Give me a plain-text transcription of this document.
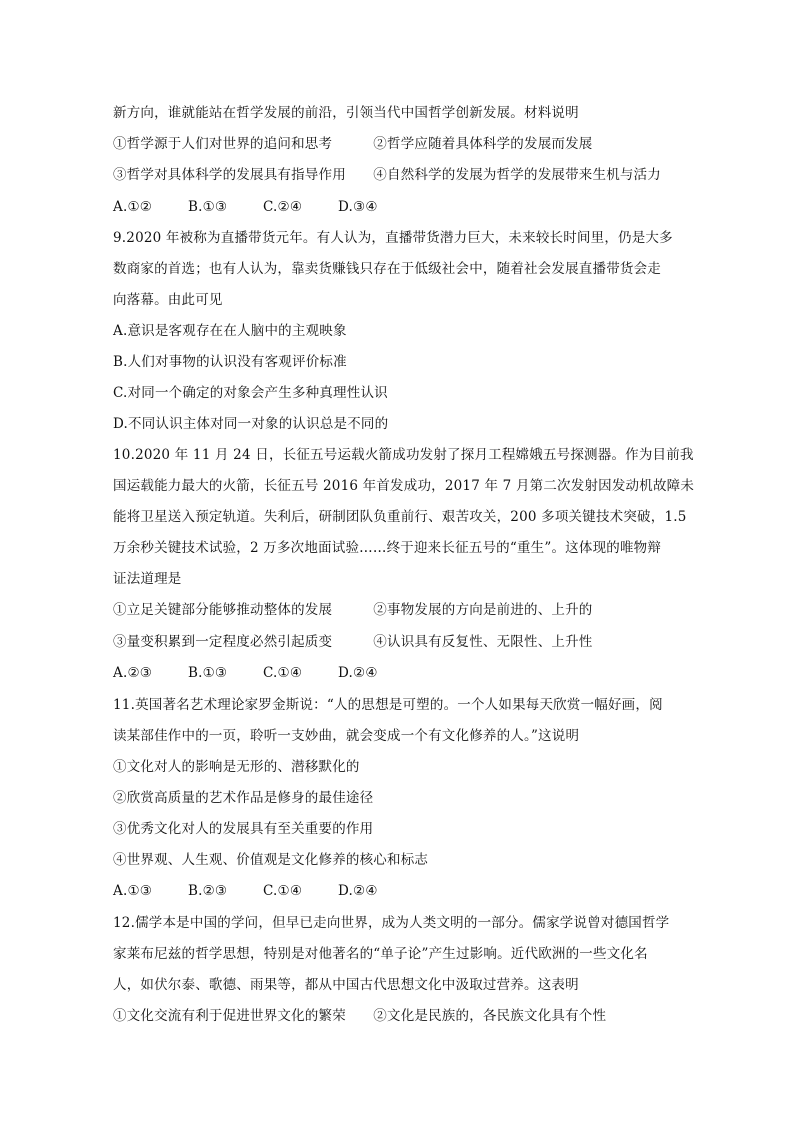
新方向，谁就能站在哲学发展的前沿，引领当代中国哲学创新发展。材料说明
①哲学源于人们对世界的追问和思考　　　②哲学应随着具体科学的发展而发展
③哲学对具体科学的发展具有指导作用　　④自然科学的发展为哲学的发展带来生机与活力
A.①②	B.①③	C.②④	D.③④
9.2020 年被称为直播带货元年。有人认为，直播带货潜力巨大，未来较长时间里，仍是大多
数商家的首选；也有人认为，靠卖货赚钱只存在于低级社会中，随着社会发展直播带货会走
向落幕。由此可见
A.意识是客观存在在人脑中的主观映象
B.人们对事物的认识没有客观评价标准
C.对同一个确定的对象会产生多种真理性认识
D.不同认识主体对同一对象的认识总是不同的
10.2020 年 11 月 24 日，长征五号运载火箭成功发射了探月工程嫦娥五号探测器。作为目前我
国运载能力最大的火箭，长征五号 2016 年首发成功，2017 年 7 月第二次发射因发动机故障未
能将卫星送入预定轨道。失利后，研制团队负重前行、艰苦攻关，200 多项关键技术突破，1.5
万余秒关键技术试验，2 万多次地面试验……终于迎来长征五号的“重生”。这体现的唯物辩
证法道理是
①立足关键部分能够推动整体的发展　　　②事物发展的方向是前进的、上升的
③量变积累到一定程度必然引起质变　　　④认识具有反复性、无限性、上升性
A.②③	B.①③	C.①④	D.②④
11.英国著名艺术理论家罗金斯说：“人的思想是可塑的。一个人如果每天欣赏一幅好画，阅
读某部佳作中的一页，聆听一支妙曲，就会变成一个有文化修养的人。”这说明
①文化对人的影响是无形的、潜移默化的
②欣赏高质量的艺术作品是修身的最佳途径
③优秀文化对人的发展具有至关重要的作用
④世界观、人生观、价值观是文化修养的核心和标志
A.①③	B.②③	C.①④	D.②④
12.儒学本是中国的学问，但早已走向世界，成为人类文明的一部分。儒家学说曾对德国哲学
家莱布尼兹的哲学思想，特别是对他著名的“单子论”产生过影响。近代欧洲的一些文化名
人，如伏尔泰、歌德、雨果等，都从中国古代思想文化中汲取过营养。这表明
①文化交流有利于促进世界文化的繁荣　　②文化是民族的，各民族文化具有个性
